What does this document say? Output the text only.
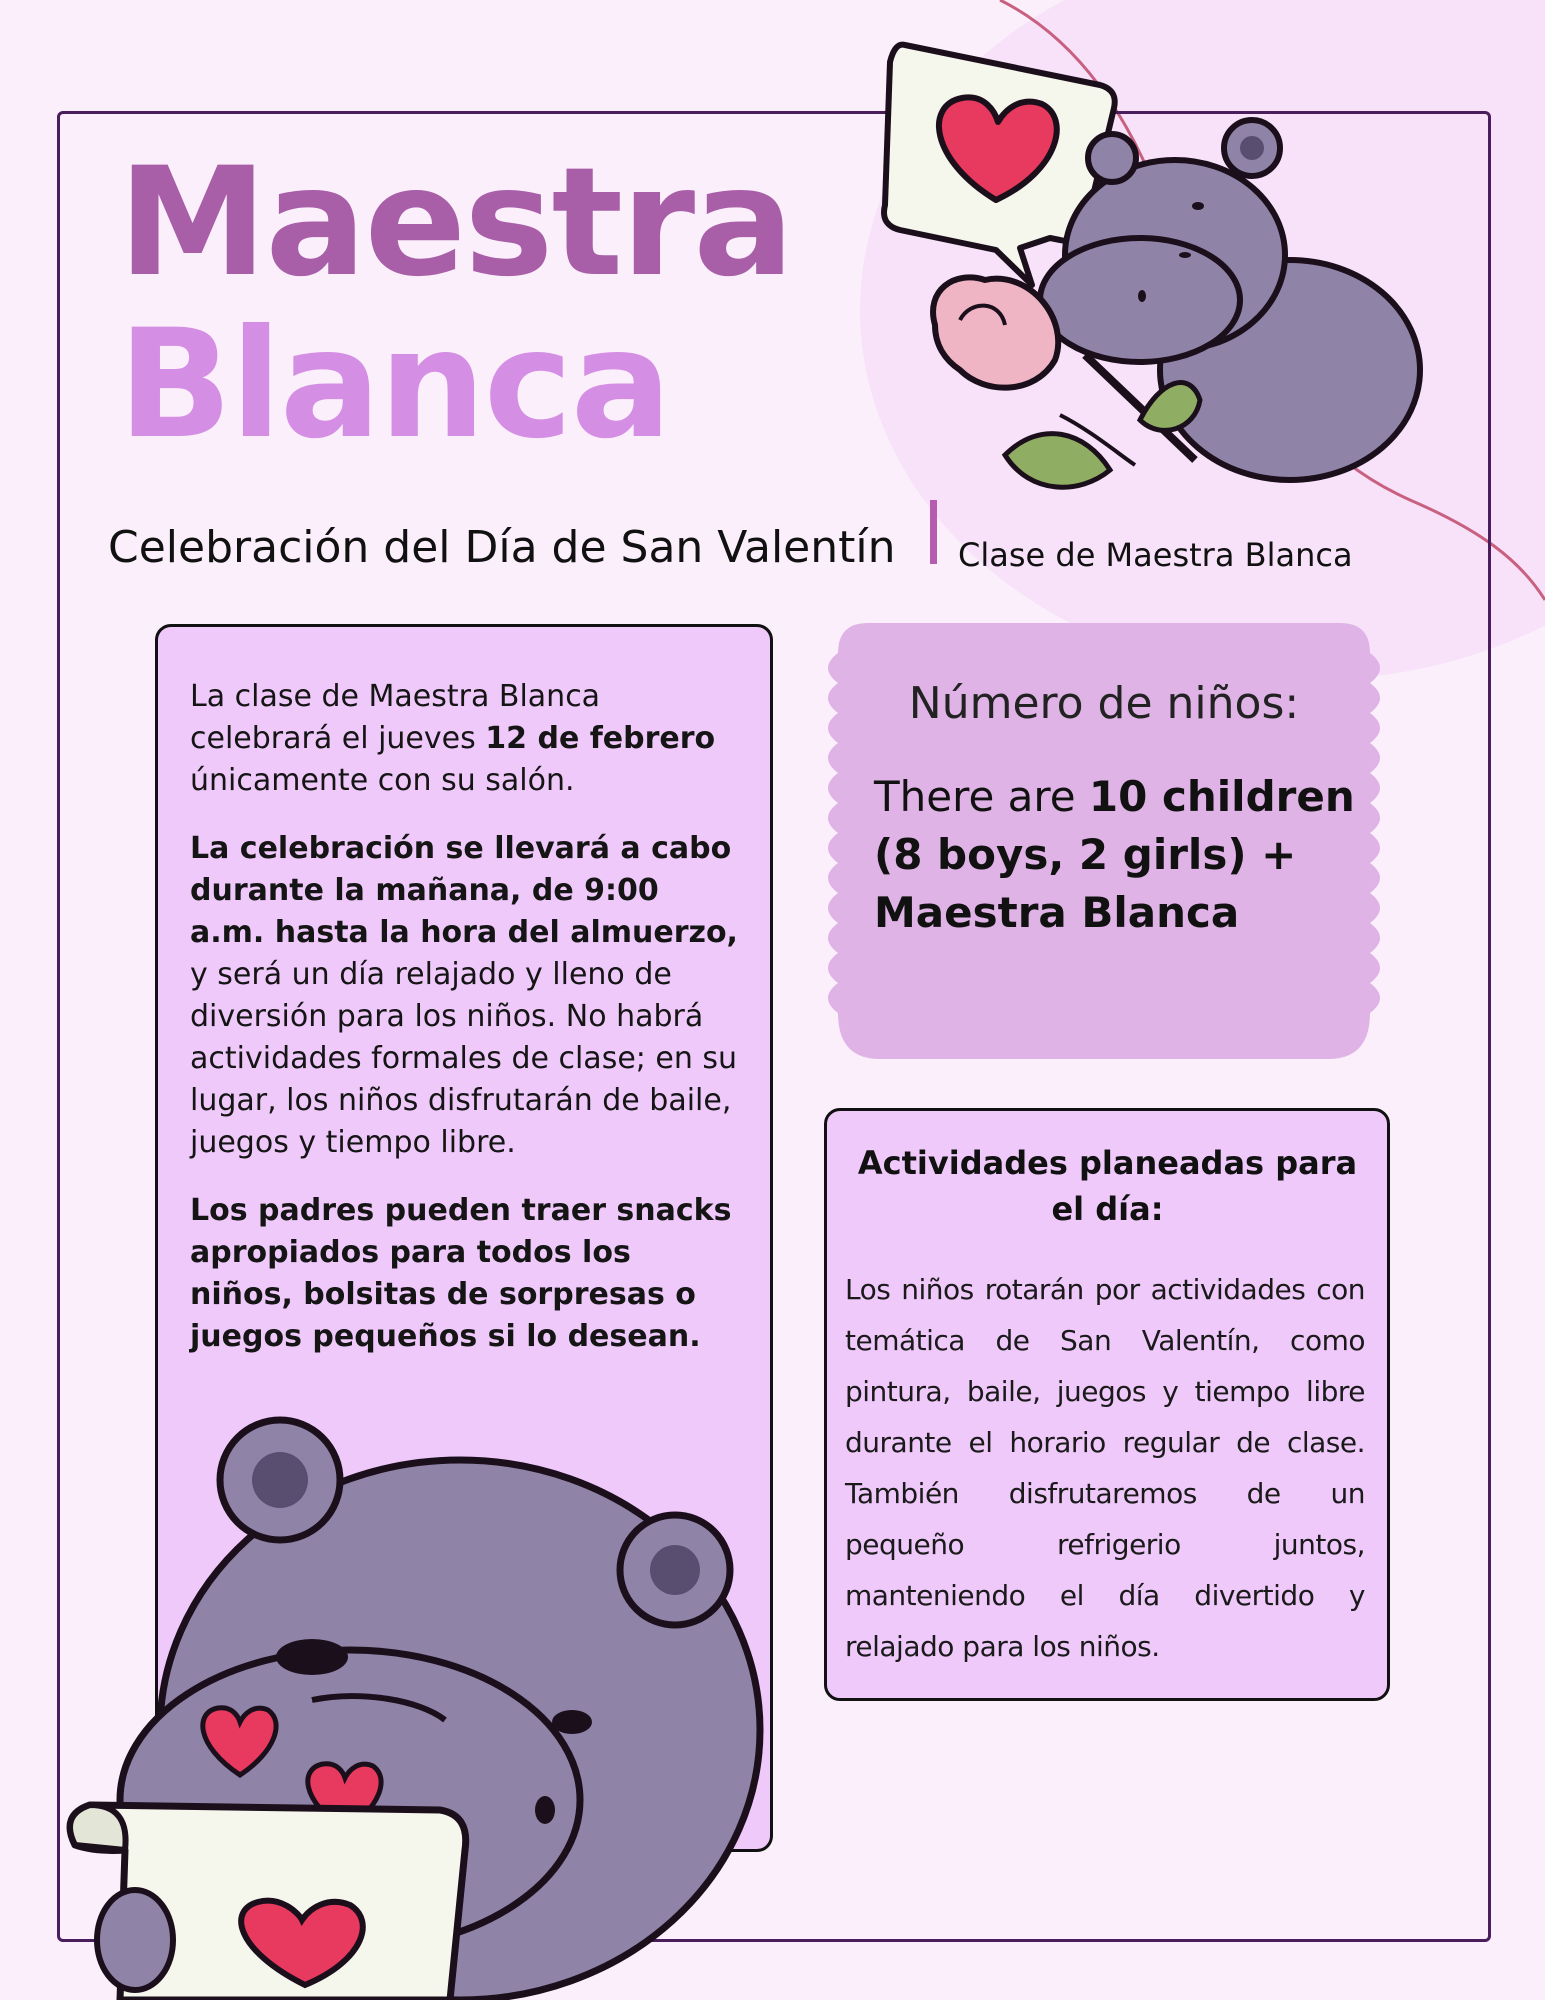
Maestra
Blanca

Celebración del Día de San Valentín Clase de Maestra Blanca

La clase de Maestra Blanca celebrará el jueves 12 de febrero únicamente con su salón.

La celebración se llevará a cabo durante la mañana, de 9:00 a.m. hasta la hora del almuerzo, y será un día relajado y lleno de diversión para los niños. No habrá actividades formales de clase; en su lugar, los niños disfrutarán de baile, juegos y tiempo libre.

Los padres pueden traer snacks apropiados para todos los niños, bolsitas de sorpresas o juegos pequeños si lo desean.

Número de niños:

There are 10 children (8 boys, 2 girls) + Maestra Blanca

Actividades planeadas para el día:

Los niños rotarán por actividades con temática de San Valentín, como pintura, baile, juegos y tiempo libre durante el horario regular de clase. También disfrutaremos de un pequeño refrigerio juntos, manteniendo el día divertido y relajado para los niños.
